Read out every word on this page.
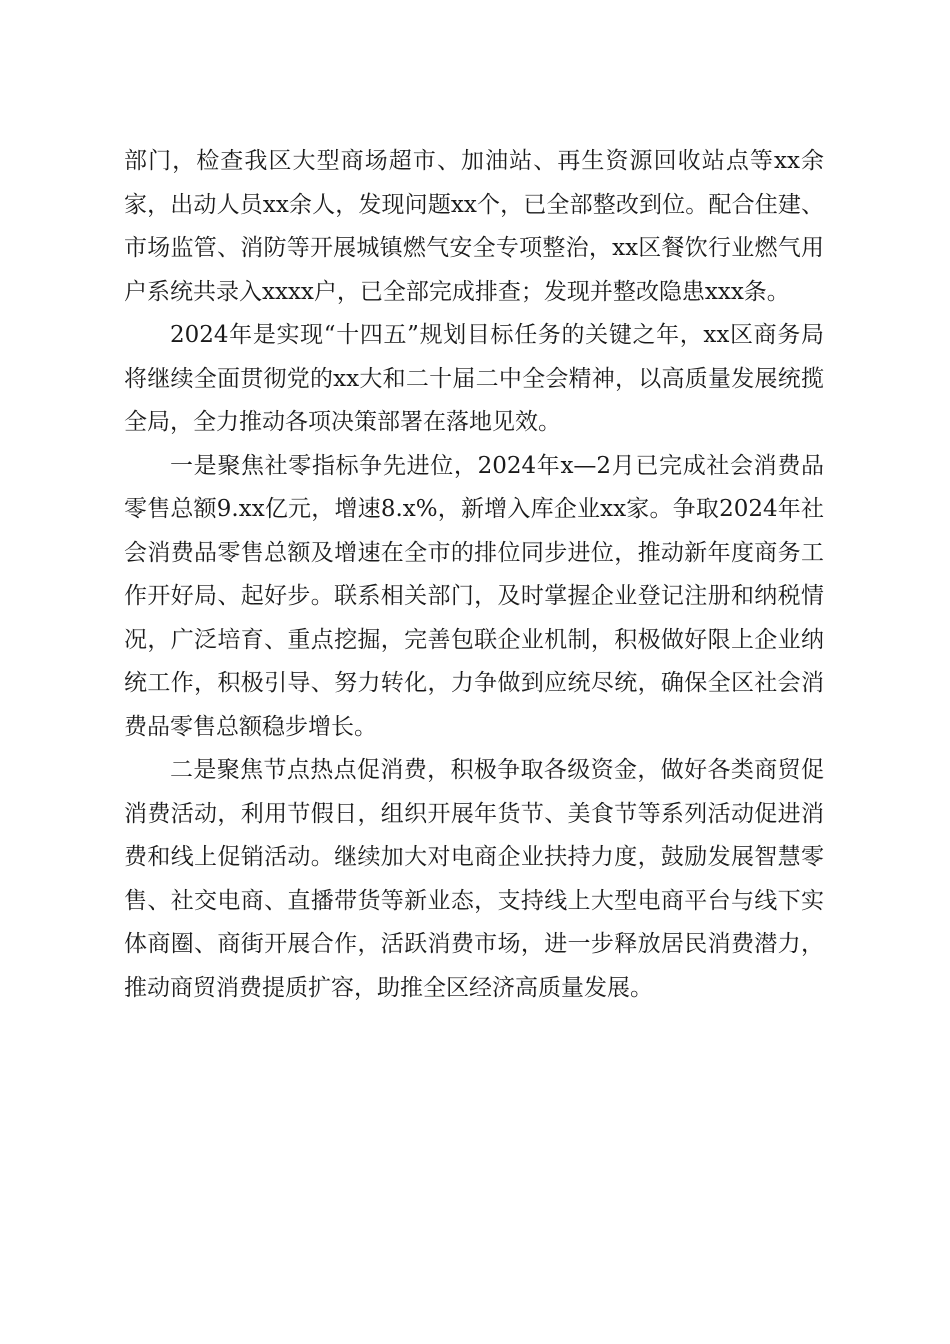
部门，检查我区大型商场超市、加油站、再生资源回收站点等xx余家，出动人员xx余人，发现问题xx个，已全部整改到位。配合住建、市场监管、消防等开展城镇燃气安全专项整治，xx区餐饮行业燃气用户系统共录入xxxx户，已全部完成排查；发现并整改隐患xxx条。

2024年是实现“十四五”规划目标任务的关键之年，xx区商务局将继续全面贯彻党的xx大和二十届二中全会精神，以高质量发展统揽全局，全力推动各项决策部署在落地见效。

一是聚焦社零指标争先进位，2024年x—2月已完成社会消费品零售总额9.xx亿元，增速8.x%，新增入库企业xx家。争取2024年社会消费品零售总额及增速在全市的排位同步进位，推动新年度商务工作开好局、起好步。联系相关部门，及时掌握企业登记注册和纳税情况，广泛培育、重点挖掘，完善包联企业机制，积极做好限上企业纳统工作，积极引导、努力转化，力争做到应统尽统，确保全区社会消费品零售总额稳步增长。

二是聚焦节点热点促消费，积极争取各级资金，做好各类商贸促消费活动，利用节假日，组织开展年货节、美食节等系列活动促进消费和线上促销活动。继续加大对电商企业扶持力度，鼓励发展智慧零售、社交电商、直播带货等新业态，支持线上大型电商平台与线下实体商圈、商街开展合作，活跃消费市场，进一步释放居民消费潜力，推动商贸消费提质扩容，助推全区经济高质量发展。
